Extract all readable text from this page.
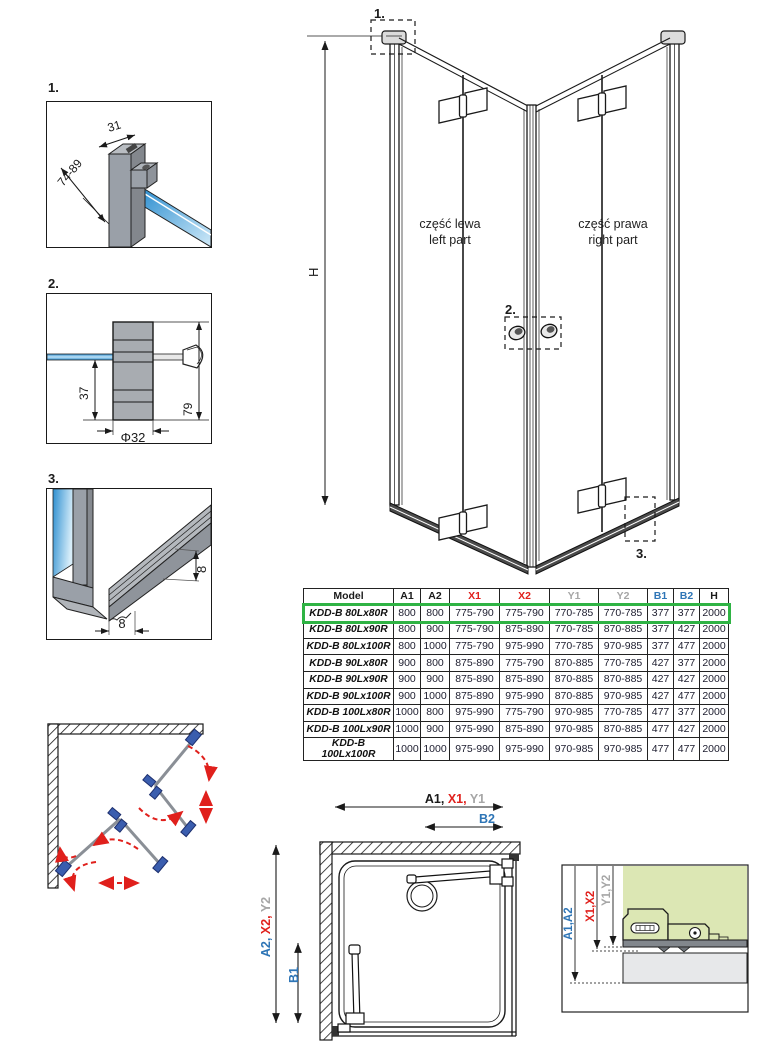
1.
31
74-89
2.
37
79
Φ32
3.
8
8
H
1.
2.
3.
część lewa
left part
część prawa
right part
Model	A1	A2	X1	X2	Y1	Y2	B1	B2	H
KDD-B 80Lx80R	800	800	775-790	775-790	770-785	770-785	377	377	2000
KDD-B 80Lx90R	800	900	775-790	875-890	770-785	870-885	377	427	2000
KDD-B 80Lx100R	800	1000	775-790	975-990	770-785	970-985	377	477	2000
KDD-B 90Lx80R	900	800	875-890	775-790	870-885	770-785	427	377	2000
KDD-B 90Lx90R	900	900	875-890	875-890	870-885	870-885	427	427	2000
KDD-B 90Lx100R	900	1000	875-890	975-990	870-885	970-985	427	477	2000
KDD-B 100Lx80R	1000	800	975-990	775-790	970-985	770-785	477	377	2000
KDD-B 100Lx90R	1000	900	975-990	875-890	970-985	870-885	477	427	2000
KDD-B 100Lx100R	1000	1000	975-990	975-990	970-985	970-985	477	477	2000
A1, X1, Y1
B2
A2, X2, Y2
B1
A1,A2
X1,X2
Y1,Y2
